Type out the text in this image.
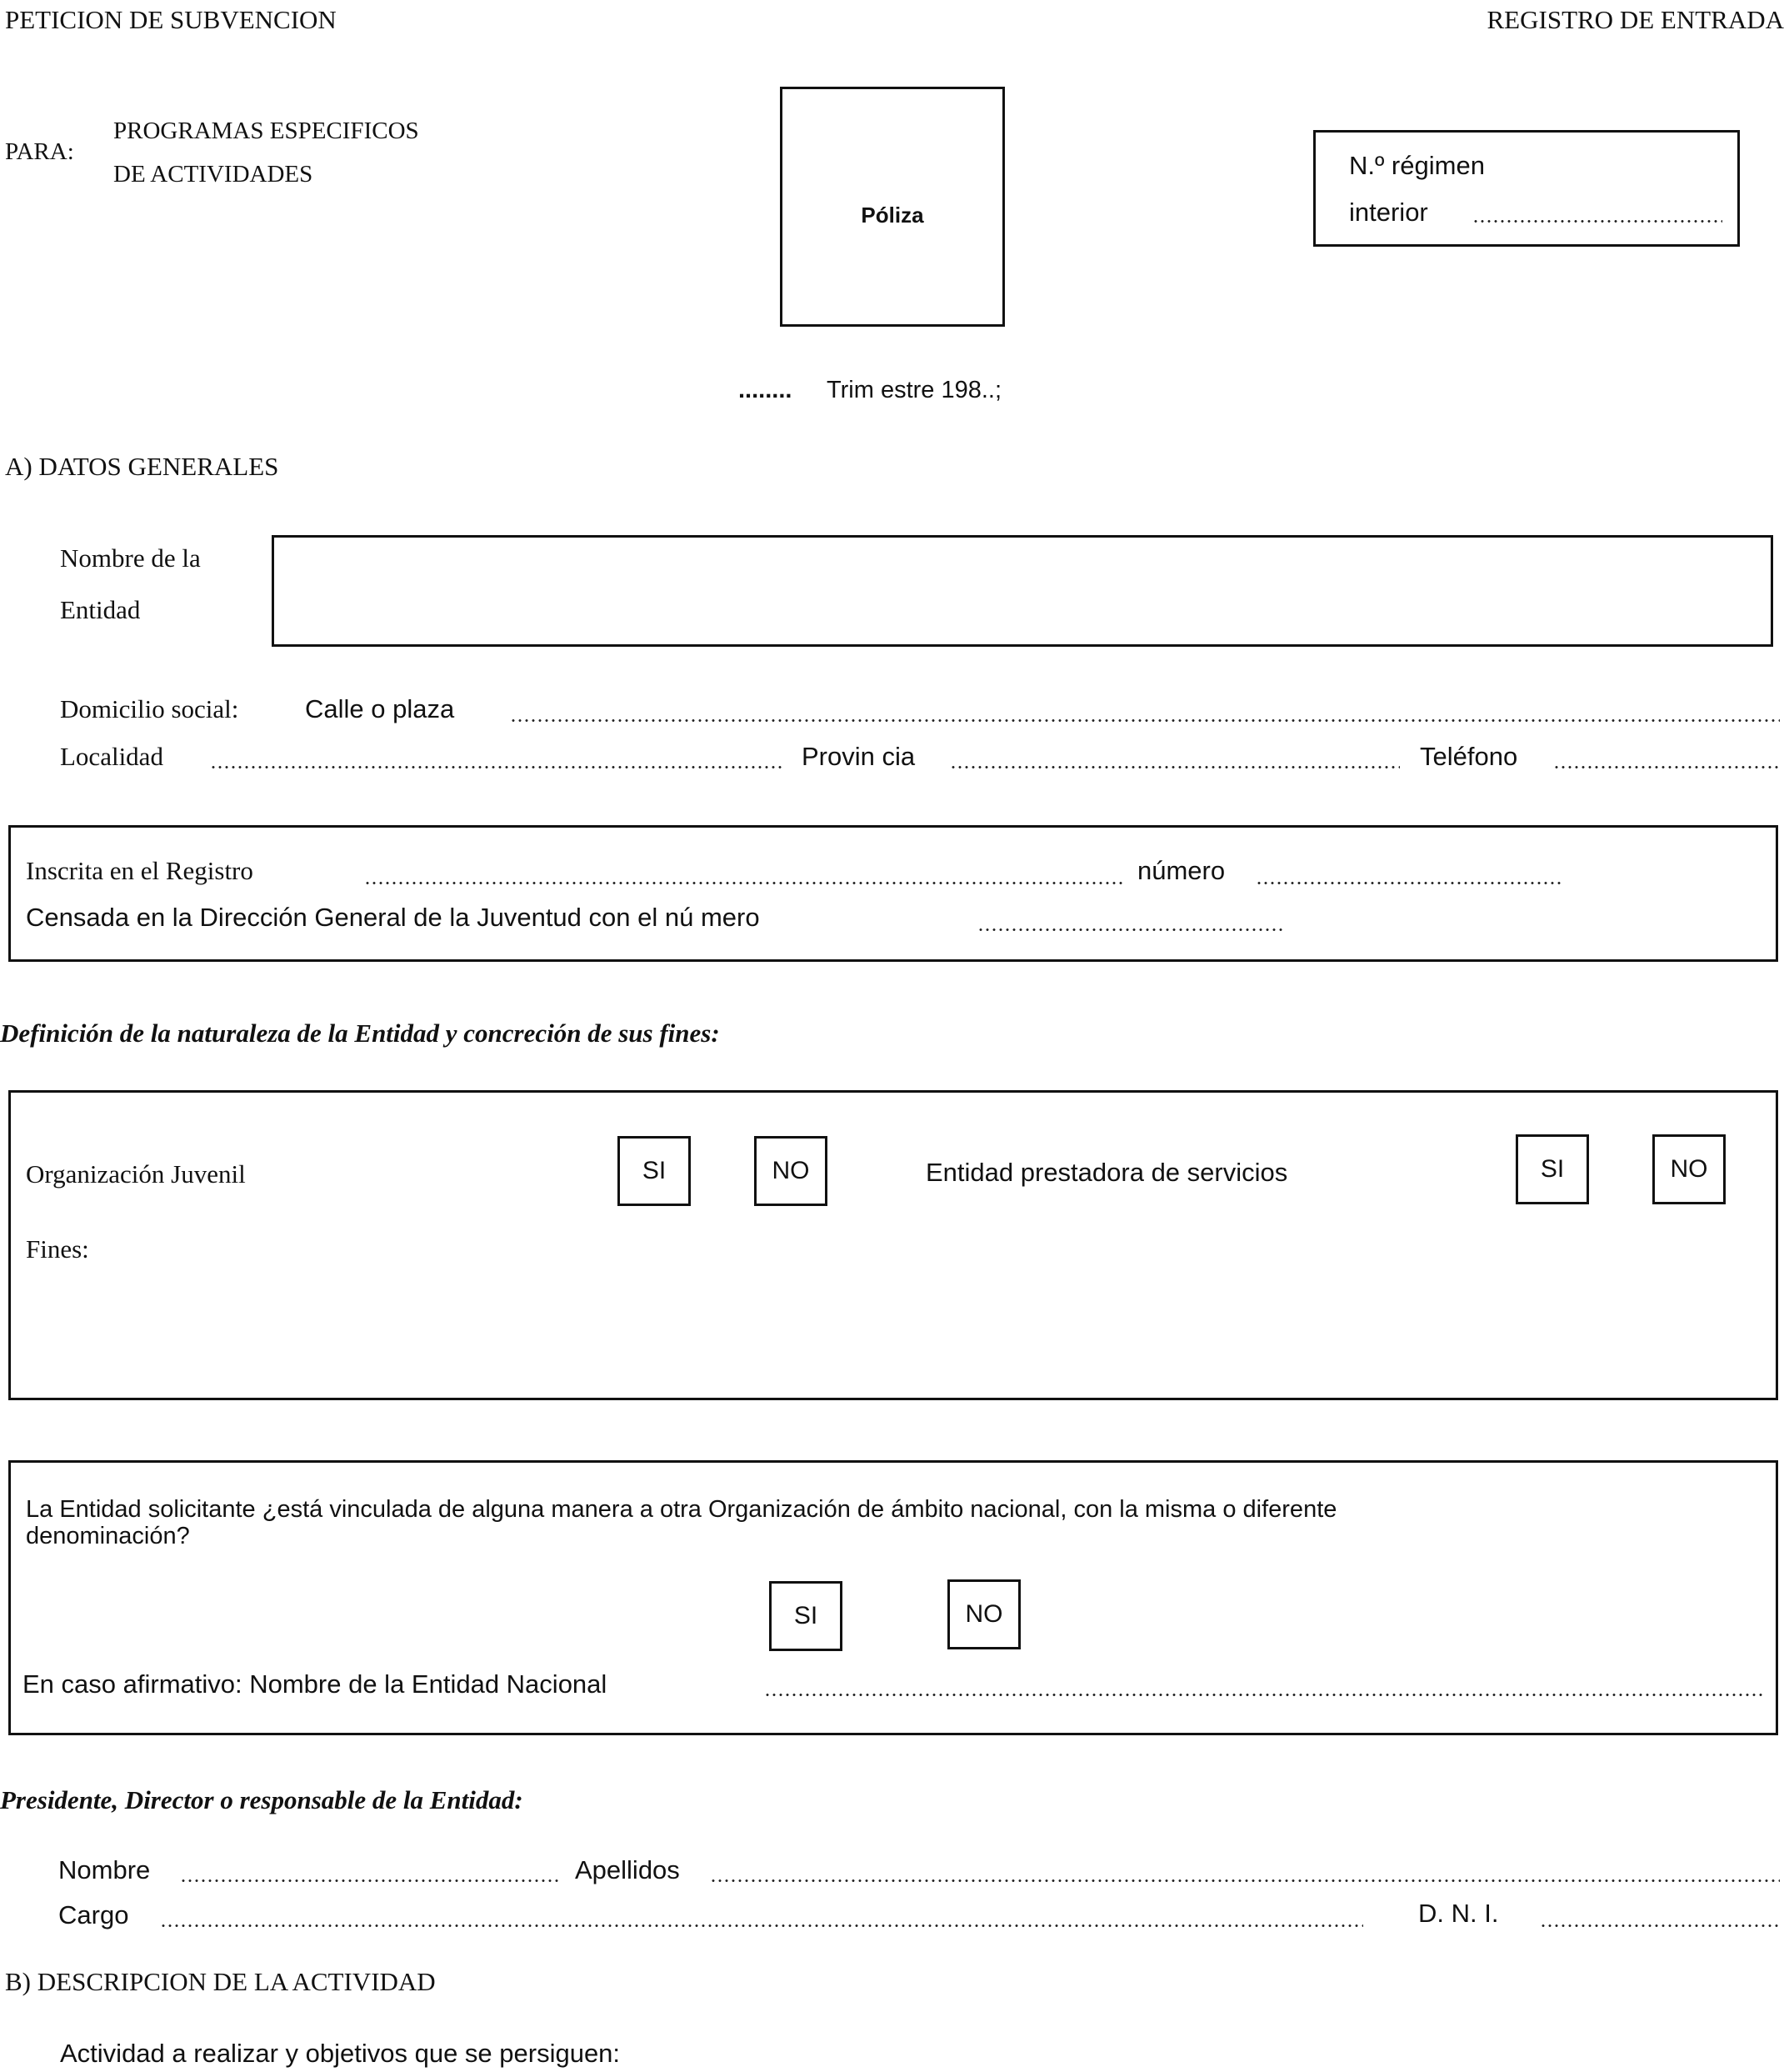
PETICION DE SUBVENCION	REGISTRO DE ENTRADA
PARA:
PROGRAMAS ESPECIFICOS
DE ACTIVIDADES
Póliza
N.º régimen
interior
........ Trim estre 198..;
A) DATOS GENERALES
Nombre de la
Entidad
Domicilio social:	Calle o plaza
Localidad	Provin cia	Teléfono
Inscrita en el Registro	número
Censada en la Dirección General de la Juventud con el nú mero
Definición de la naturaleza de la Entidad y concreción de sus fines:
Organización Juvenil	SI	NO	Entidad prestadora de servicios	SI	NO
Fines:
La Entidad solicitante ¿está vinculada de alguna manera a otra Organización de ámbito nacional, con la misma o diferente
denominación?
SI	NO
En caso afirmativo: Nombre de la Entidad Nacional
Presidente, Director o responsable de la Entidad:
Nombre	Apellidos
Cargo	D. N. I.
B) DESCRIPCION DE LA ACTIVIDAD
Actividad a realizar y objetivos que se persiguen:
